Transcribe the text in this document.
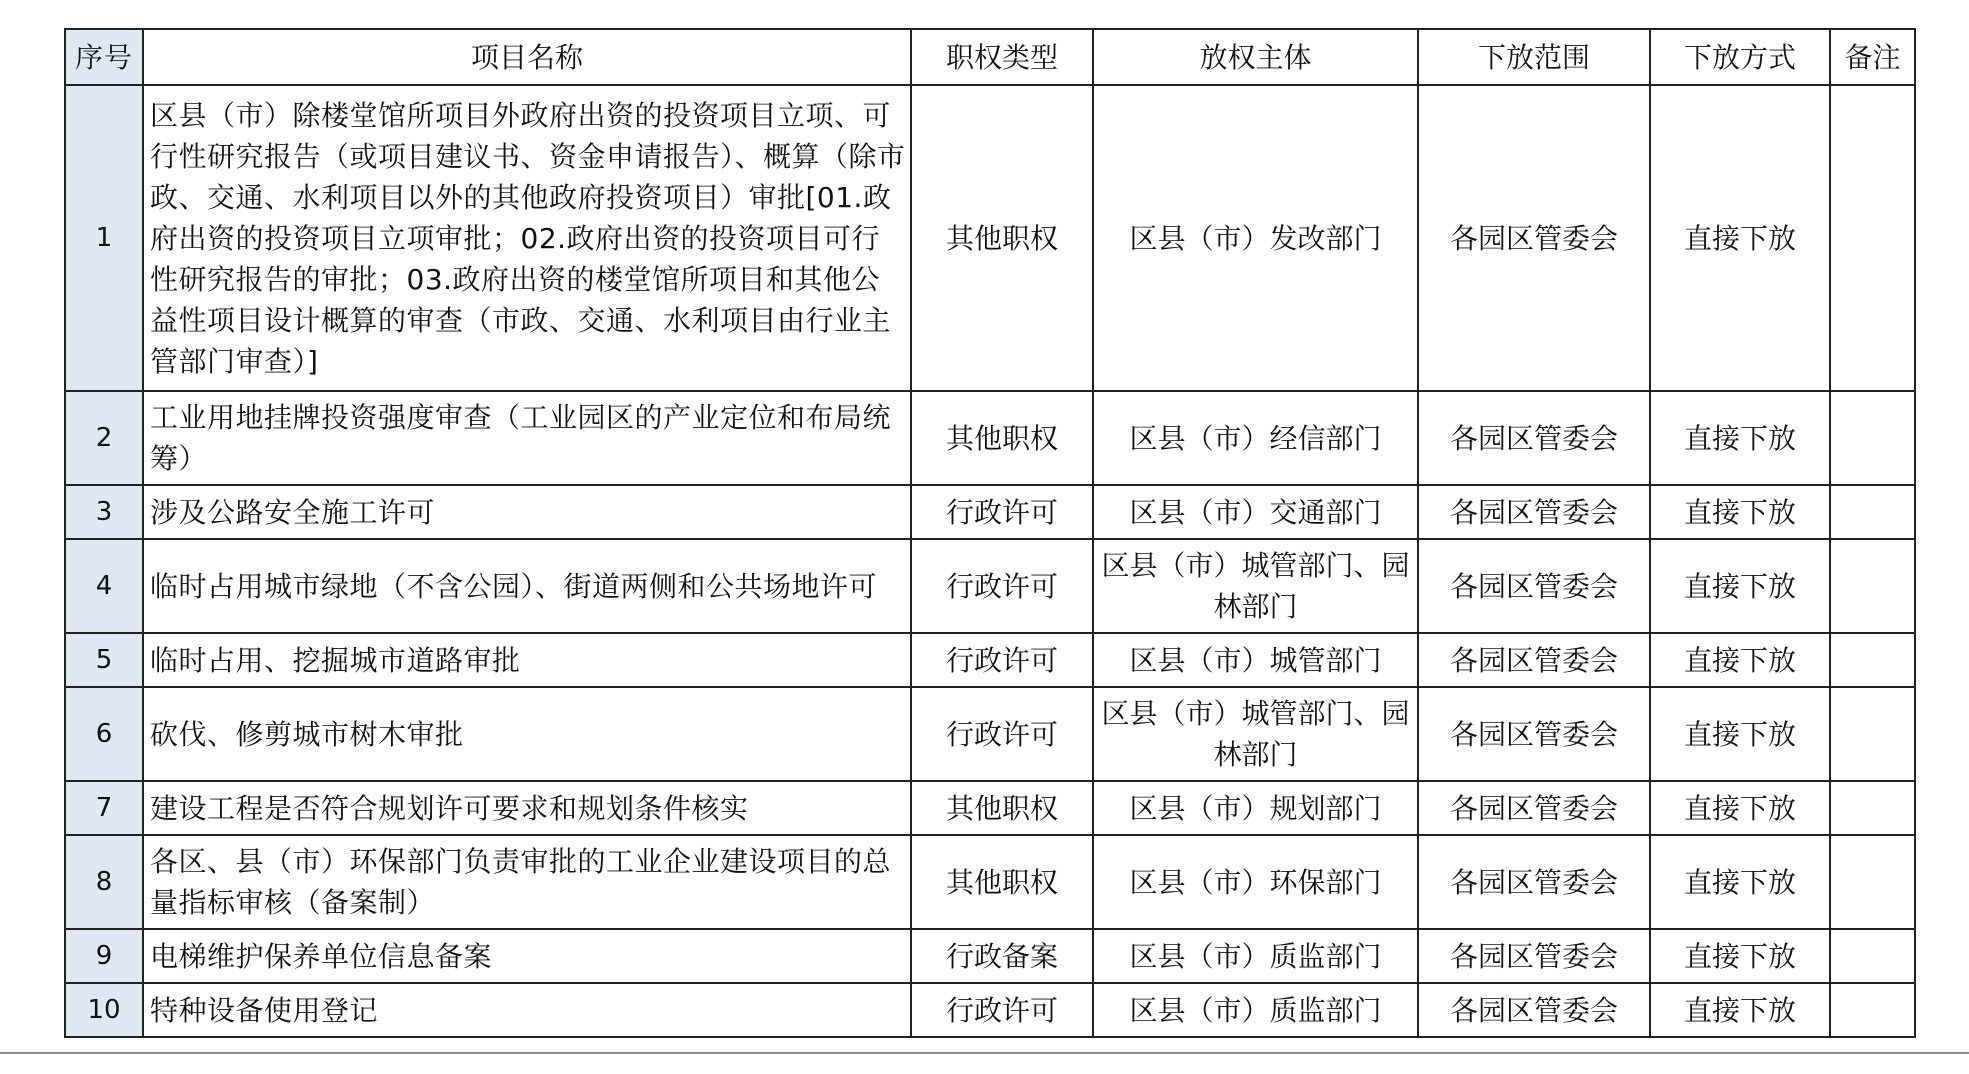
序号	项目名称	职权类型	放权主体	下放范围	下放方式	备注
1	区县（市）除楼堂馆所项目外政府出资的投资项目立项、可行性研究报告（或项目建议书、资金申请报告）、概算（除市政、交通、水利项目以外的其他政府投资项目）审批[01.政府出资的投资项目立项审批；02.政府出资的投资项目可行性研究报告的审批；03.政府出资的楼堂馆所项目和其他公益性项目设计概算的审查（市政、交通、水利项目由行业主管部门审查）]	其他职权	区县（市）发改部门	各园区管委会	直接下放	
2	工业用地挂牌投资强度审查（工业园区的产业定位和布局统筹）	其他职权	区县（市）经信部门	各园区管委会	直接下放	
3	涉及公路安全施工许可	行政许可	区县（市）交通部门	各园区管委会	直接下放	
4	临时占用城市绿地（不含公园）、街道两侧和公共场地许可	行政许可	区县（市）城管部门、园林部门	各园区管委会	直接下放	
5	临时占用、挖掘城市道路审批	行政许可	区县（市）城管部门	各园区管委会	直接下放	
6	砍伐、修剪城市树木审批	行政许可	区县（市）城管部门、园林部门	各园区管委会	直接下放	
7	建设工程是否符合规划许可要求和规划条件核实	其他职权	区县（市）规划部门	各园区管委会	直接下放	
8	各区、县（市）环保部门负责审批的工业企业建设项目的总量指标审核（备案制）	其他职权	区县（市）环保部门	各园区管委会	直接下放	
9	电梯维护保养单位信息备案	行政备案	区县（市）质监部门	各园区管委会	直接下放	
10	特种设备使用登记	行政许可	区县（市）质监部门	各园区管委会	直接下放	
